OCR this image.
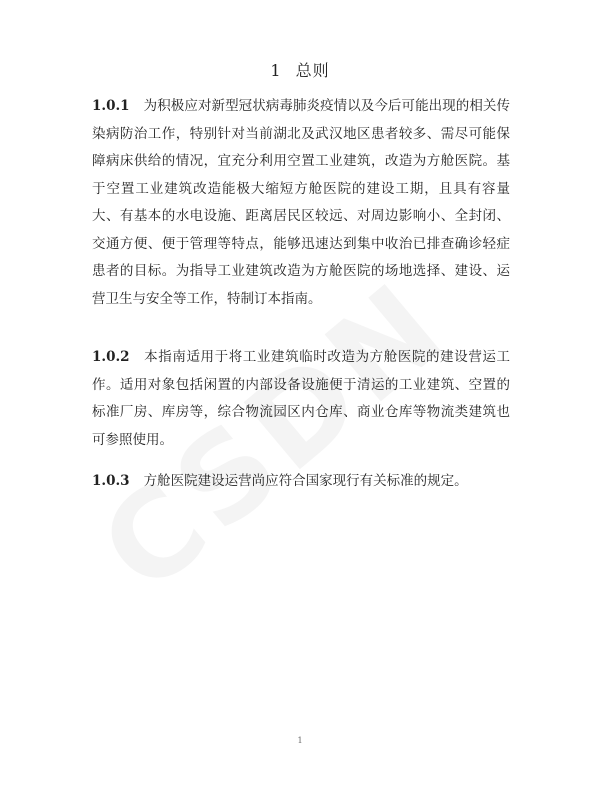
1 总则
1.0.1 为积极应对新型冠状病毒肺炎疫情以及今后可能出现的相关传染病防治工作，特别针对当前湖北及武汉地区患者较多、需尽可能保障病床供给的情况，宜充分利用空置工业建筑，改造为方舱医院。基于空置工业建筑改造能极大缩短方舱医院的建设工期，且具有容量大、有基本的水电设施、距离居民区较远、对周边影响小、全封闭、交通方便、便于管理等特点，能够迅速达到集中收治已排查确诊轻症患者的目标。为指导工业建筑改造为方舱医院的场地选择、建设、运营卫生与安全等工作，特制订本指南。
1.0.2 本指南适用于将工业建筑临时改造为方舱医院的建设营运工作。适用对象包括闲置的内部设备设施便于清运的工业建筑、空置的标准厂房、库房等，综合物流园区内仓库、商业仓库等物流类建筑也可参照使用。
1.0.3 方舱医院建设运营尚应符合国家现行有关标准的规定。
1
